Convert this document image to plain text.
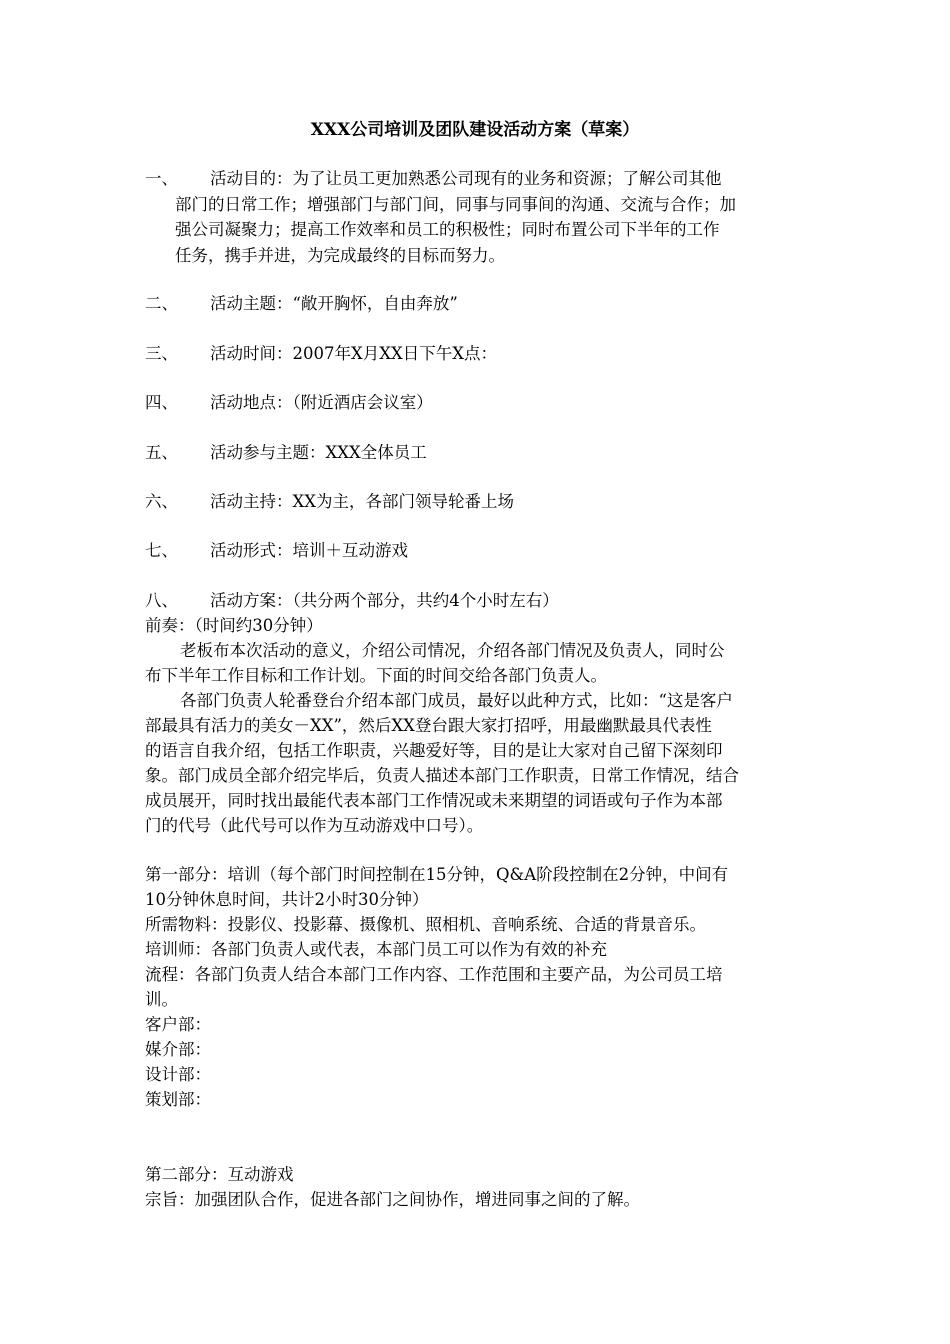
XXX公司培训及团队建设活动方案（草案）
一、	活动目的：为了让员工更加熟悉公司现有的业务和资源；了解公司其他
部门的日常工作；增强部门与部门间，同事与同事间的沟通、交流与合作；加
强公司凝聚力；提高工作效率和员工的积极性；同时布置公司下半年的工作
任务，携手并进，为完成最终的目标而努力。
二、	活动主题：“敞开胸怀，自由奔放”
三、	活动时间：2007年X月XX日下午X点：
四、	活动地点：（附近酒店会议室）
五、	活动参与主题：XXX全体员工
六、	活动主持：XX为主，各部门领导轮番上场
七、	活动形式：培训＋互动游戏
八、	活动方案：（共分两个部分，共约4个小时左右）
前奏：（时间约30分钟）
老板布本次活动的意义，介绍公司情况，介绍各部门情况及负责人，同时公
布下半年工作目标和工作计划。下面的时间交给各部门负责人。
各部门负责人轮番登台介绍本部门成员，最好以此种方式，比如：“这是客户
部最具有活力的美女－XX”，然后XX登台跟大家打招呼，用最幽默最具代表性
的语言自我介绍，包括工作职责，兴趣爱好等，目的是让大家对自己留下深刻印
象。部门成员全部介绍完毕后，负责人描述本部门工作职责，日常工作情况，结合
成员展开，同时找出最能代表本部门工作情况或未来期望的词语或句子作为本部
门的代号（此代号可以作为互动游戏中口号）。
第一部分：培训（每个部门时间控制在15分钟，Q&A阶段控制在2分钟，中间有
10分钟休息时间，共计2小时30分钟）
所需物料：投影仪、投影幕、摄像机、照相机、音响系统、合适的背景音乐。
培训师：各部门负责人或代表，本部门员工可以作为有效的补充
流程：各部门负责人结合本部门工作内容、工作范围和主要产品，为公司员工培
训。
客户部：
媒介部：
设计部：
策划部：
第二部分：互动游戏
宗旨：加强团队合作，促进各部门之间协作，增进同事之间的了解。
